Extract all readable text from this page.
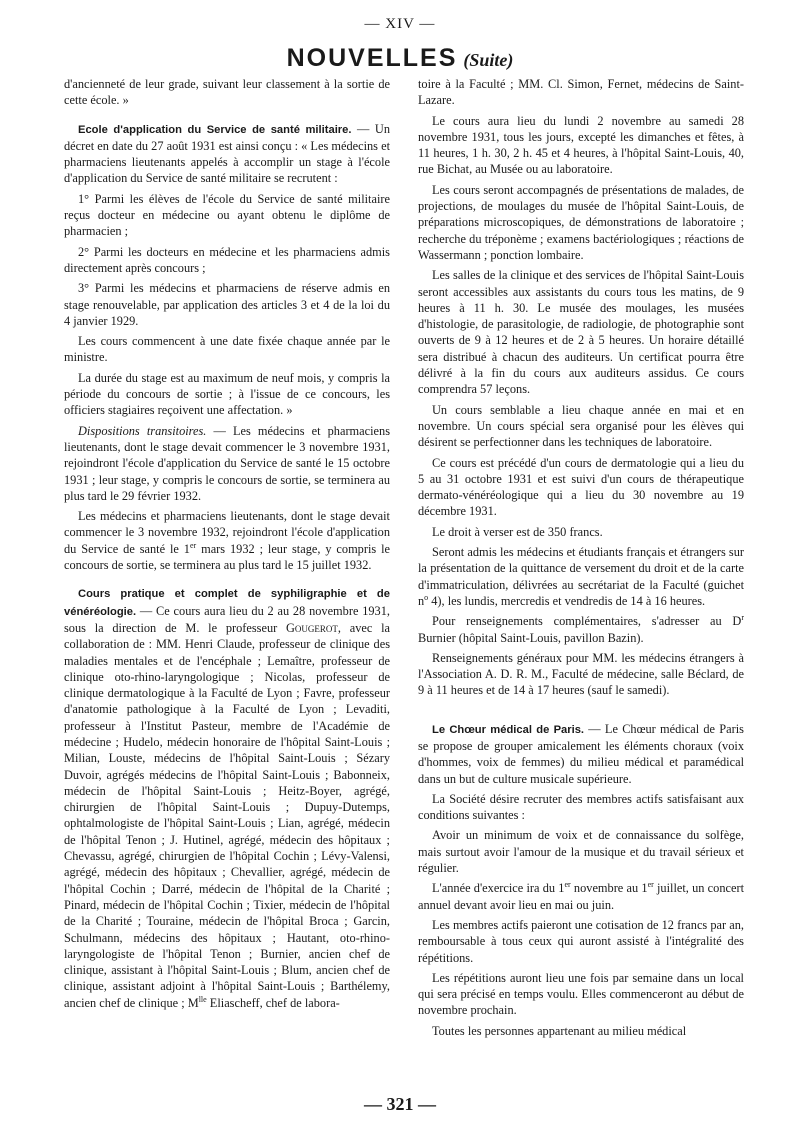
— XIV —
NOUVELLES (Suite)

d'ancienneté de leur grade, suivant leur classement à la sortie de cette école. »

Ecole d'application du Service de santé militaire. — Un décret en date du 27 août 1931 est ainsi conçu : « Les médecins et pharmaciens lieutenants appelés à accomplir un stage à l'école d'application du Service de santé militaire se recrutent :

1° Parmi les élèves de l'école du Service de santé militaire reçus docteur en médecine ou ayant obtenu le diplôme de pharmacien ;

2° Parmi les docteurs en médecine et les pharmaciens admis directement après concours ;

3° Parmi les médecins et pharmaciens de réserve admis en stage renouvelable, par application des articles 3 et 4 de la loi du 4 janvier 1929.

Les cours commencent à une date fixée chaque année par le ministre.

La durée du stage est au maximum de neuf mois, y compris la période du concours de sortie ; à l'issue de ce concours, les officiers stagiaires reçoivent une affectation. »

Dispositions transitoires. — Les médecins et pharmaciens lieutenants, dont le stage devait commencer le 3 novembre 1931, rejoindront l'école d'application du Service de santé le 15 octobre 1931 ; leur stage, y compris le concours de sortie, se terminera au plus tard le 29 février 1932.

Les médecins et pharmaciens lieutenants, dont le stage devait commencer le 3 novembre 1932, rejoindront l'école d'application du Service de santé le 1er mars 1932 ; leur stage, y compris le concours de sortie, se terminera au plus tard le 15 juillet 1932.

Cours pratique et complet de syphiligraphie et de vénéréologie. — Ce cours aura lieu du 2 au 28 novembre 1931, sous la direction de M. le professeur Gougerot, avec la collaboration de : MM. Henri Claude, professeur de clinique des maladies mentales et de l'encéphale ; Lemaître, professeur de clinique oto-rhino-laryngologique ; Nicolas, professeur de clinique dermatologique à la Faculté de Lyon ; Favre, professeur d'anatomie pathologique à la Faculté de Lyon ; Levaditi, professeur à l'Institut Pasteur, membre de l'Académie de médecine ; Hudelo, médecin honoraire de l'hôpital Saint-Louis ; Milian, Louste, médecins de l'hôpital Saint-Louis ; Sézary Duvoir, agrégés médecins de l'hôpital Saint-Louis ; Babonneix, médecin de l'hôpital Saint-Louis ; Heitz-Boyer, agrégé, chirurgien de l'hôpital Saint-Louis ; Dupuy-Dutemps, ophtalmologiste de l'hôpital Saint-Louis ; Lian, agrégé, médecin de l'hôpital Tenon ; J. Hutinel, agrégé, médecin des hôpitaux ; Chevassu, agrégé, chirurgien de l'hôpital Cochin ; Lévy-Valensi, agrégé, médecin des hôpitaux ; Chevallier, agrégé, médecin de l'hôpital Cochin ; Darré, médecin de l'hôpital de la Charité ; Pinard, médecin de l'hôpital Cochin ; Tixier, médecin de l'hôpital de la Charité ; Touraine, médecin de l'hôpital Broca ; Garcin, Schulmann, médecins des hôpitaux ; Hautant, oto-rhino-laryngologiste de l'hôpital Tenon ; Burnier, ancien chef de clinique, assistant à l'hôpital Saint-Louis ; Blum, ancien chef de clinique, assistant adjoint à l'hôpital Saint-Louis ; Barthélemy, ancien chef de clinique ; $M^{lle}$ Eliascheff, chef de labora-

toire à la Faculté ; MM. Cl. Simon, Fernet, médecins de Saint-Lazare.

Le cours aura lieu du lundi 2 novembre au samedi 28 novembre 1931, tous les jours, excepté les dimanches et fêtes, à 11 heures, 1 h. 30, 2 h. 45 et 4 heures, à l'hôpital Saint-Louis, 40, rue Bichat, au Musée ou au laboratoire.

Les cours seront accompagnés de présentations de malades, de projections, de moulages du musée de l'hôpital Saint-Louis, de préparations microscopiques, de démonstrations de laboratoire ; recherche du tréponème ; examens bactériologiques ; réactions de Wassermann ; ponction lombaire.

Les salles de la clinique et des services de l'hôpital Saint-Louis seront accessibles aux assistants du cours tous les matins, de 9 heures à 11 h. 30. Le musée des moulages, les musées d'histologie, de parasitologie, de radiologie, de photographie sont ouverts de 9 à 12 heures et de 2 à 5 heures. Un horaire détaillé sera distribué à chacun des auditeurs. Un certificat pourra être délivré à la fin du cours aux auditeurs assidus. Ce cours comprendra 57 leçons.

Un cours semblable a lieu chaque année en mai et en novembre. Un cours spécial sera organisé pour les élèves qui désirent se perfectionner dans les techniques de laboratoire.

Ce cours est précédé d'un cours de dermatologie qui a lieu du 5 au 31 octobre 1931 et est suivi d'un cours de thérapeutique dermato-vénéréologique qui a lieu du 30 novembre au 19 décembre 1931.

Le droit à verser est de 350 francs.

Seront admis les médecins et étudiants français et étrangers sur la présentation de la quittance de versement du droit et de la carte d'immatriculation, délivrées au secrétariat de la Faculté (guichet $n^o$ 4), les lundis, mercredis et vendredis de 14 à 16 heures.

Pour renseignements complémentaires, s'adresser au $D^r$ Burnier (hôpital Saint-Louis, pavillon Bazin).

Renseignements généraux pour MM. les médecins étrangers à l'Association A. D. R. M., Faculté de médecine, salle Béclard, de 9 à 11 heures et de 14 à 17 heures (sauf le samedi).

Le Chœur médical de Paris. — Le Chœur médical de Paris se propose de grouper amicalement les éléments choraux (voix d'hommes, voix de femmes) du milieu médical et paramédical dans un but de culture musicale supérieure.

La Société désire recruter des membres actifs satisfaisant aux conditions suivantes :

Avoir un minimum de voix et de connaissance du solfège, mais surtout avoir l'amour de la musique et du travail sérieux et régulier.

L'année d'exercice ira du 1er novembre au 1er juillet, un concert annuel devant avoir lieu en mai ou juin.

Les membres actifs paieront une cotisation de 12 francs par an, remboursable à tous ceux qui auront assisté à l'intégralité des répétitions.

Les répétitions auront lieu une fois par semaine dans un local qui sera précisé en temps voulu. Elles commenceront au début de novembre prochain.

Toutes les personnes appartenant au milieu médical

— 321 —
